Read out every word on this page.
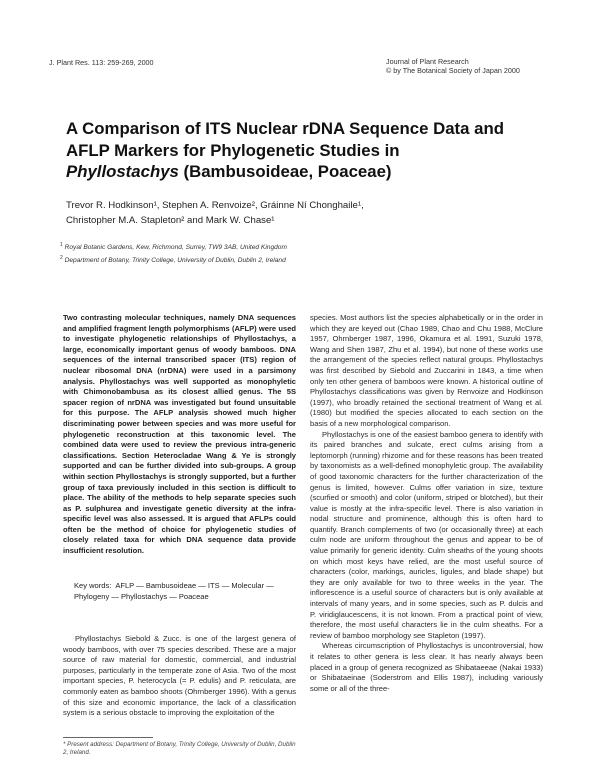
J. Plant Res. 113: 259-269, 2000	Journal of Plant Research
© by The Botanical Society of Japan 2000
A Comparison of ITS Nuclear rDNA Sequence Data and
AFLP Markers for Phylogenetic Studies in
Phyllostachys (Bambusoideae, Poaceae)
Trevor R. Hodkinson¹, Stephen A. Renvoize², Gráinne Ní Chonghaile¹,
Christopher M.A. Stapleton² and Mark W. Chase¹
$^1$ Royal Botanic Gardens, Kew, Richmond, Surrey, TW9 3AB, United Kingdom
$^2$ Department of Botany, Trinity College, University of Dublin, Dublin 2, Ireland
Two contrasting molecular techniques, namely DNA sequences and amplified fragment length polymorphisms (AFLP) were used to investigate phylogenetic relationships of Phyllostachys, a large, economically important genus of woody bamboos. DNA sequences of the internal transcribed spacer (ITS) region of nuclear ribosomal DNA (nrDNA) were used in a parsimony analysis. Phyllostachys was well supported as monophyletic with Chimonobambusa as its closest allied genus. The 5S spacer region of nrDNA was investigated but found unsuitable for this purpose. The AFLP analysis showed much higher discriminating power between species and was more useful for phylogenetic reconstruction at this taxonomic level. The combined data were used to review the previous intra-generic classifications. Section Heterocladae Wang & Ye is strongly supported and can be further divided into sub-groups. A group within section Phyllostachys is strongly supported, but a further group of taxa previously included in this section is difficult to place. The ability of the methods to help separate species such as P. sulphurea and investigate genetic diversity at the infra-specific level was also assessed. It is argued that AFLPs could often be the method of choice for phylogenetic studies of closely related taxa for which DNA sequence data provide insufficient resolution.
Key words: AFLP — Bambusoideae — ITS — Molecular — Phylogeny — Phyllostachys — Poaceae

Phyllostachys Siebold & Zucc. is one of the largest genera of woody bamboos, with over 75 species described. These are a major source of raw material for domestic, commercial, and industrial purposes, particularly in the temperate zone of Asia. Two of the most important species, P. heterocycla (= P. edulis) and P. reticulata, are commonly eaten as bamboo shoots (Ohrnberger 1996). With a genus of this size and economic importance, the lack of a classification system is a serious obstacle to improving the exploitation of the

* Present address: Department of Botany, Trinity College, University of Dublin, Dublin 2, Ireland.

species. Most authors list the species alphabetically or in the order in which they are keyed out (Chao 1989, Chao and Chu 1988, McClure 1957, Ohrnberger 1987, 1996, Okamura et al. 1991, Suzuki 1978, Wang and Shen 1987, Zhu et al. 1994), but none of these works use the arrangement of the species reflect natural groups. Phyllostachys was first described by Siebold and Zuccarini in 1843, a time when only ten other genera of bamboos were known. A historical outline of Phyllostachys classifications was given by Renvoize and Hodkinson (1997), who broadly retained the sectional treatment of Wang et al. (1980) but modified the species allocated to each section on the basis of a new morphological comparison.

Phyllostachys is one of the easiest bamboo genera to identify with its paired branches and sulcate, erect culms arising from a leptomorph (running) rhizome and for these reasons has been treated by taxonomists as a well-defined monophyletic group. The availability of good taxonomic characters for the further characterization of the genus is limited, however. Culms offer variation in size, texture (scurfied or smooth) and color (uniform, striped or blotched), but their value is mostly at the infra-specific level. There is also variation in nodal structure and prominence, although this is often hard to quantify. Branch complements of two (or occasionally three) at each culm node are uniform throughout the genus and appear to be of value primarily for generic identity. Culm sheaths of the young shoots on which most keys have relied, are the most useful source of characters (color, markings, auricles, ligules, and blade shape) but they are only available for two to three weeks in the year. The inflorescence is a useful source of characters but is only available at intervals of many years, and in some species, such as P. dulcis and P. viridiglaucescens, it is not known. From a practical point of view, therefore, the most useful characters lie in the culm sheaths. For a review of bamboo morphology see Stapleton (1997).

Whereas circumscription of Phyllostachys is uncontroversial, how it relates to other genera is less clear. It has nearly always been placed in a group of genera recognized as Shibataeeae (Nakai 1933) or Shibataeinae (Soderstrom and Ellis 1987), including variously some or all of the three-
